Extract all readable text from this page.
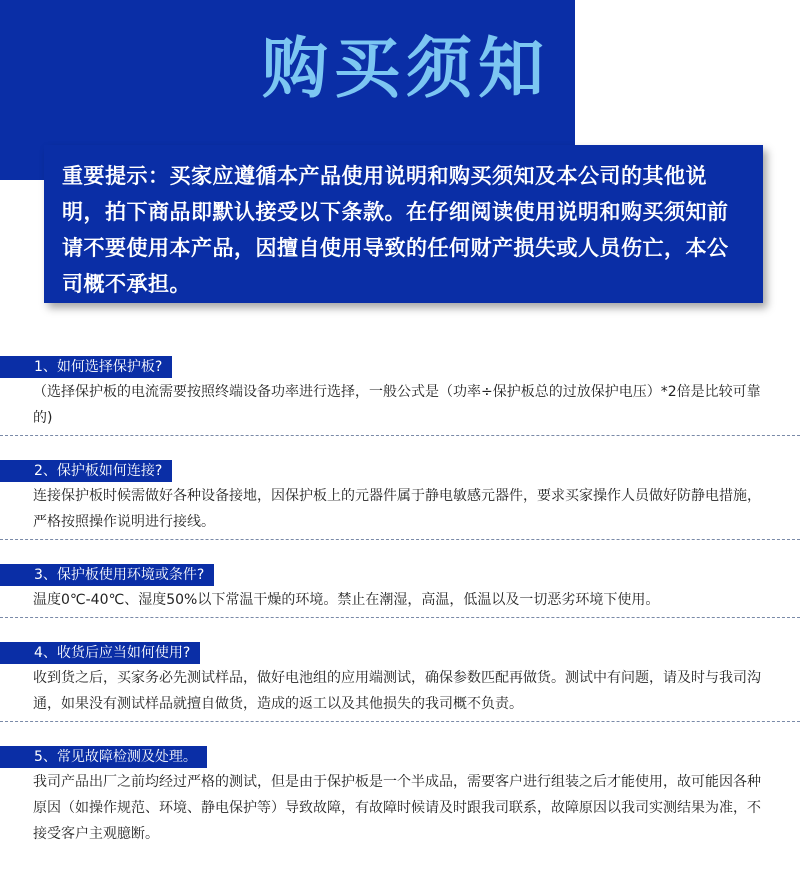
购买须知
重要提示：买家应遵循本产品使用说明和购买须知及本公司的其他说明，拍下商品即默认接受以下条款。在仔细阅读使用说明和购买须知前请不要使用本产品，因擅自使用导致的任何财产损失或人员伤亡，本公司概不承担。
1、如何选择保护板?
（选择保护板的电流需要按照终端设备功率进行选择，一般公式是（功率÷保护板总的过放保护电压）*2倍是比较可靠的)
2、保护板如何连接?
连接保护板时候需做好各种设备接地，因保护板上的元器件属于静电敏感元器件，要求买家操作人员做好防静电措施，严格按照操作说明进行接线。
3、保护板使用环境或条件?
温度0℃-40℃、湿度50%以下常温干燥的环境。禁止在潮湿，高温，低温以及一切恶劣环境下使用。
4、收货后应当如何使用?
收到货之后，买家务必先测试样品，做好电池组的应用端测试，确保参数匹配再做货。测试中有问题，请及时与我司沟通，如果没有测试样品就擅自做货，造成的返工以及其他损失的我司概不负责。
5、常见故障检测及处理。
我司产品出厂之前均经过严格的测试，但是由于保护板是一个半成品，需要客户进行组装之后才能使用，故可能因各种原因（如操作规范、环境、静电保护等）导致故障，有故障时候请及时跟我司联系，故障原因以我司实测结果为准，不接受客户主观臆断。
